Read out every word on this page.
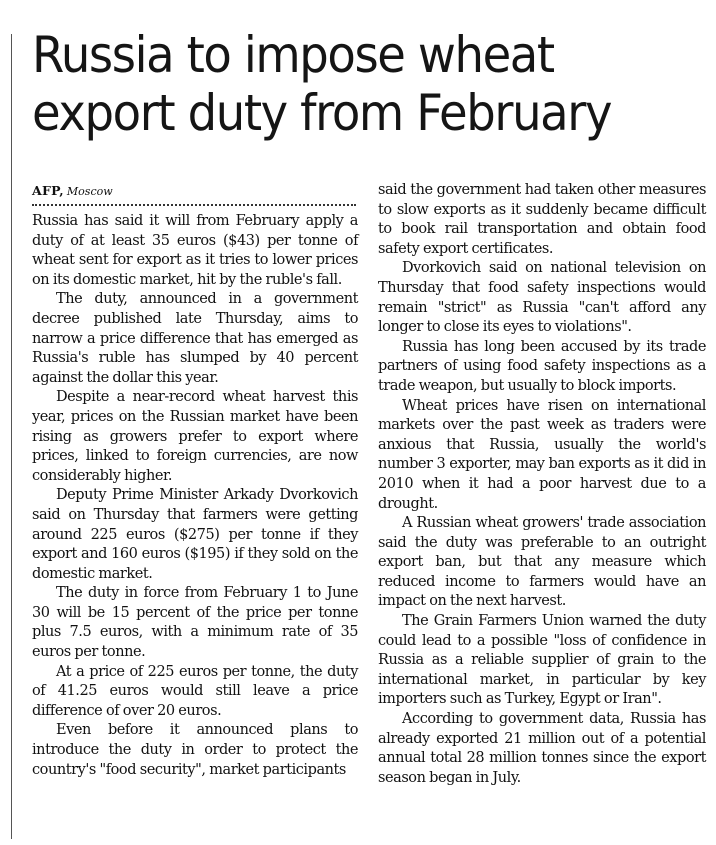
Russia to impose wheat export duty from February
AFP, Moscow

Russia has said it will from February apply a duty of at least 35 euros ($43) per tonne of wheat sent for export as it tries to lower prices on its domestic market, hit by the ruble's fall.

The duty, announced in a government decree published late Thursday, aims to narrow a price difference that has emerged as Russia's ruble has slumped by 40 percent against the dollar this year.

Despite a near-record wheat harvest this year, prices on the Russian market have been rising as growers prefer to export where prices, linked to foreign currencies, are now considerably higher.

Deputy Prime Minister Arkady Dvorkovich said on Thursday that farmers were getting around 225 euros ($275) per tonne if they export and 160 euros ($195) if they sold on the domestic market.

The duty in force from February 1 to June 30 will be 15 percent of the price per tonne plus 7.5 euros, with a minimum rate of 35 euros per tonne.

At a price of 225 euros per tonne, the duty of 41.25 euros would still leave a price difference of over 20 euros.

Even before it announced plans to introduce the duty in order to protect the country's "food security", market participants

said the government had taken other measures to slow exports as it suddenly became difficult to book rail transportation and obtain food safety export certificates.

Dvorkovich said on national television on Thursday that food safety inspections would remain "strict" as Russia "can't afford any longer to close its eyes to violations".

Russia has long been accused by its trade partners of using food safety inspections as a trade weapon, but usually to block imports.

Wheat prices have risen on international markets over the past week as traders were anxious that Russia, usually the world's number 3 exporter, may ban exports as it did in 2010 when it had a poor harvest due to a drought.

A Russian wheat growers' trade association said the duty was preferable to an outright export ban, but that any measure which reduced income to farmers would have an impact on the next harvest.

The Grain Farmers Union warned the duty could lead to a possible "loss of confidence in Russia as a reliable supplier of grain to the international market, in particular by key importers such as Turkey, Egypt or Iran".

According to government data, Russia has already exported 21 million out of a potential annual total 28 million tonnes since the export season began in July.
